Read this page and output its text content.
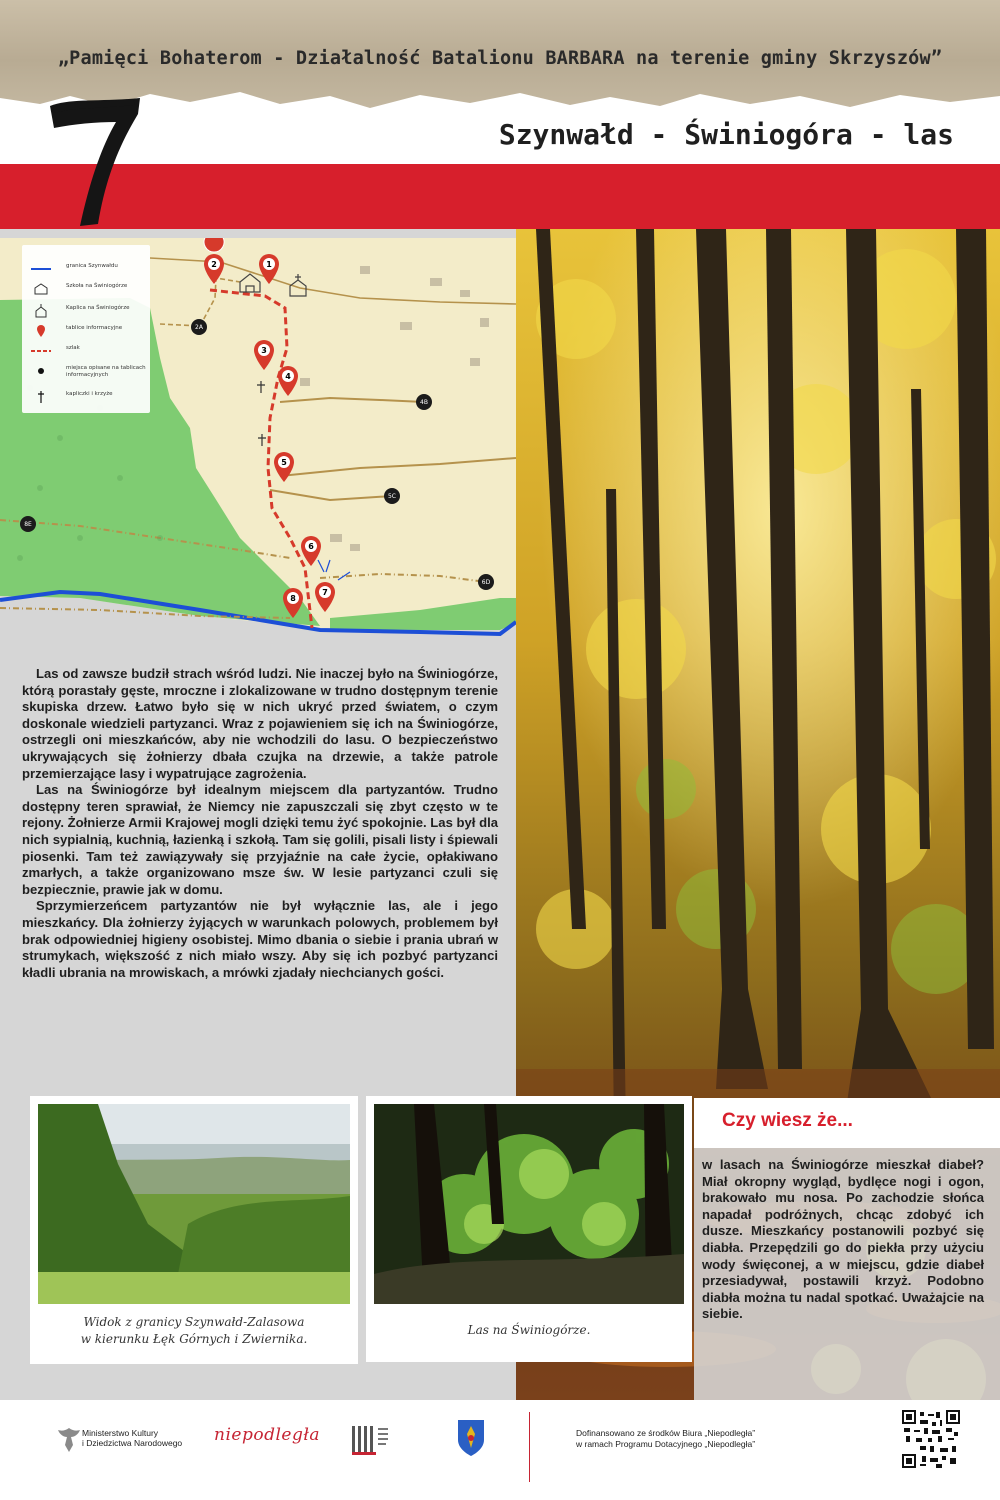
„Pamięci Bohaterom - Działalność Batalionu BARBARA na terenie gminy Skrzyszów”
Szynwałd - Świniogóra - las
2A
4B
5C
6D
8E
2	1
3
4
5
6
7
8
granica Szynwałdu
Szkoła na Świniogórze
Kaplica na Świniogórze
tablice informacyjne
szlak
miejsca opisane na tablicach informacyjnych
kapliczki i krzyże

Las od zawsze budził strach wśród ludzi. Nie inaczej było na Świniogórze, którą porastały gęste, mroczne i zlokalizowane w trudno dostępnym terenie skupiska drzew. Łatwo było się w nich ukryć przed światem, o czym doskonale wiedzieli partyzanci. Wraz z pojawieniem się ich na Świniogórze, ostrzegli oni mieszkańców, aby nie wchodzili do lasu. O bezpieczeństwo ukrywających się żołnierzy dbała czujka na drzewie, a także patrole przemierzające lasy i wypatrujące zagrożenia.

Las na Świniogórze był idealnym miejscem dla partyzantów. Trudno dostępny teren sprawiał, że Niemcy nie zapuszczali się zbyt często w te rejony. Żołnierze Armii Krajowej mogli dzięki temu żyć spokojnie. Las był dla nich sypialnią, kuchnią, łazienką i szkołą. Tam się golili, pisali listy i śpiewali piosenki. Tam też zawiązywały się przyjaźnie na całe życie, opłakiwano zmarłych, a także organizowano msze św. W lesie partyzanci czuli się bezpiecznie, prawie jak w domu.

Sprzymierzeńcem partyzantów nie był wyłącznie las, ale i jego mieszkańcy. Dla żołnierzy żyjących w warunkach polowych, problemem był brak odpowiedniej higieny osobistej. Mimo dbania o siebie i prania ubrań w strumykach, większość z nich miało wszy. Aby się ich pozbyć partyzanci kładli ubrania na mrowiskach, a mrówki zjadały niechcianych gości.

Widok z granicy Szynwałd-Zalasowa
w kierunku Łęk Górnych i Zwiernika.
Las na Świniogórze.
Czy wiesz że...
w lasach na Świniogórze mieszkał diabeł? Miał okropny wygląd, bydlęce nogi i ogon, brakowało mu nosa. Po zachodzie słońca napadał podróżnych, chcąc zdobyć ich dusze. Mieszkańcy postanowili pozbyć się diabła. Przepędzili go do piekła przy użyciu wody święconej, a w miejscu, gdzie diabeł przesiadywał, postawili krzyż. Podobno diabła można tu nadal spotkać. Uważajcie na siebie.
Ministerstwo Kultury
i Dziedzictwa Narodowego niepodległa	Dofinansowano ze środków Biura „Niepodległa”
w ramach Programu Dotacyjnego „Niepodległa”
